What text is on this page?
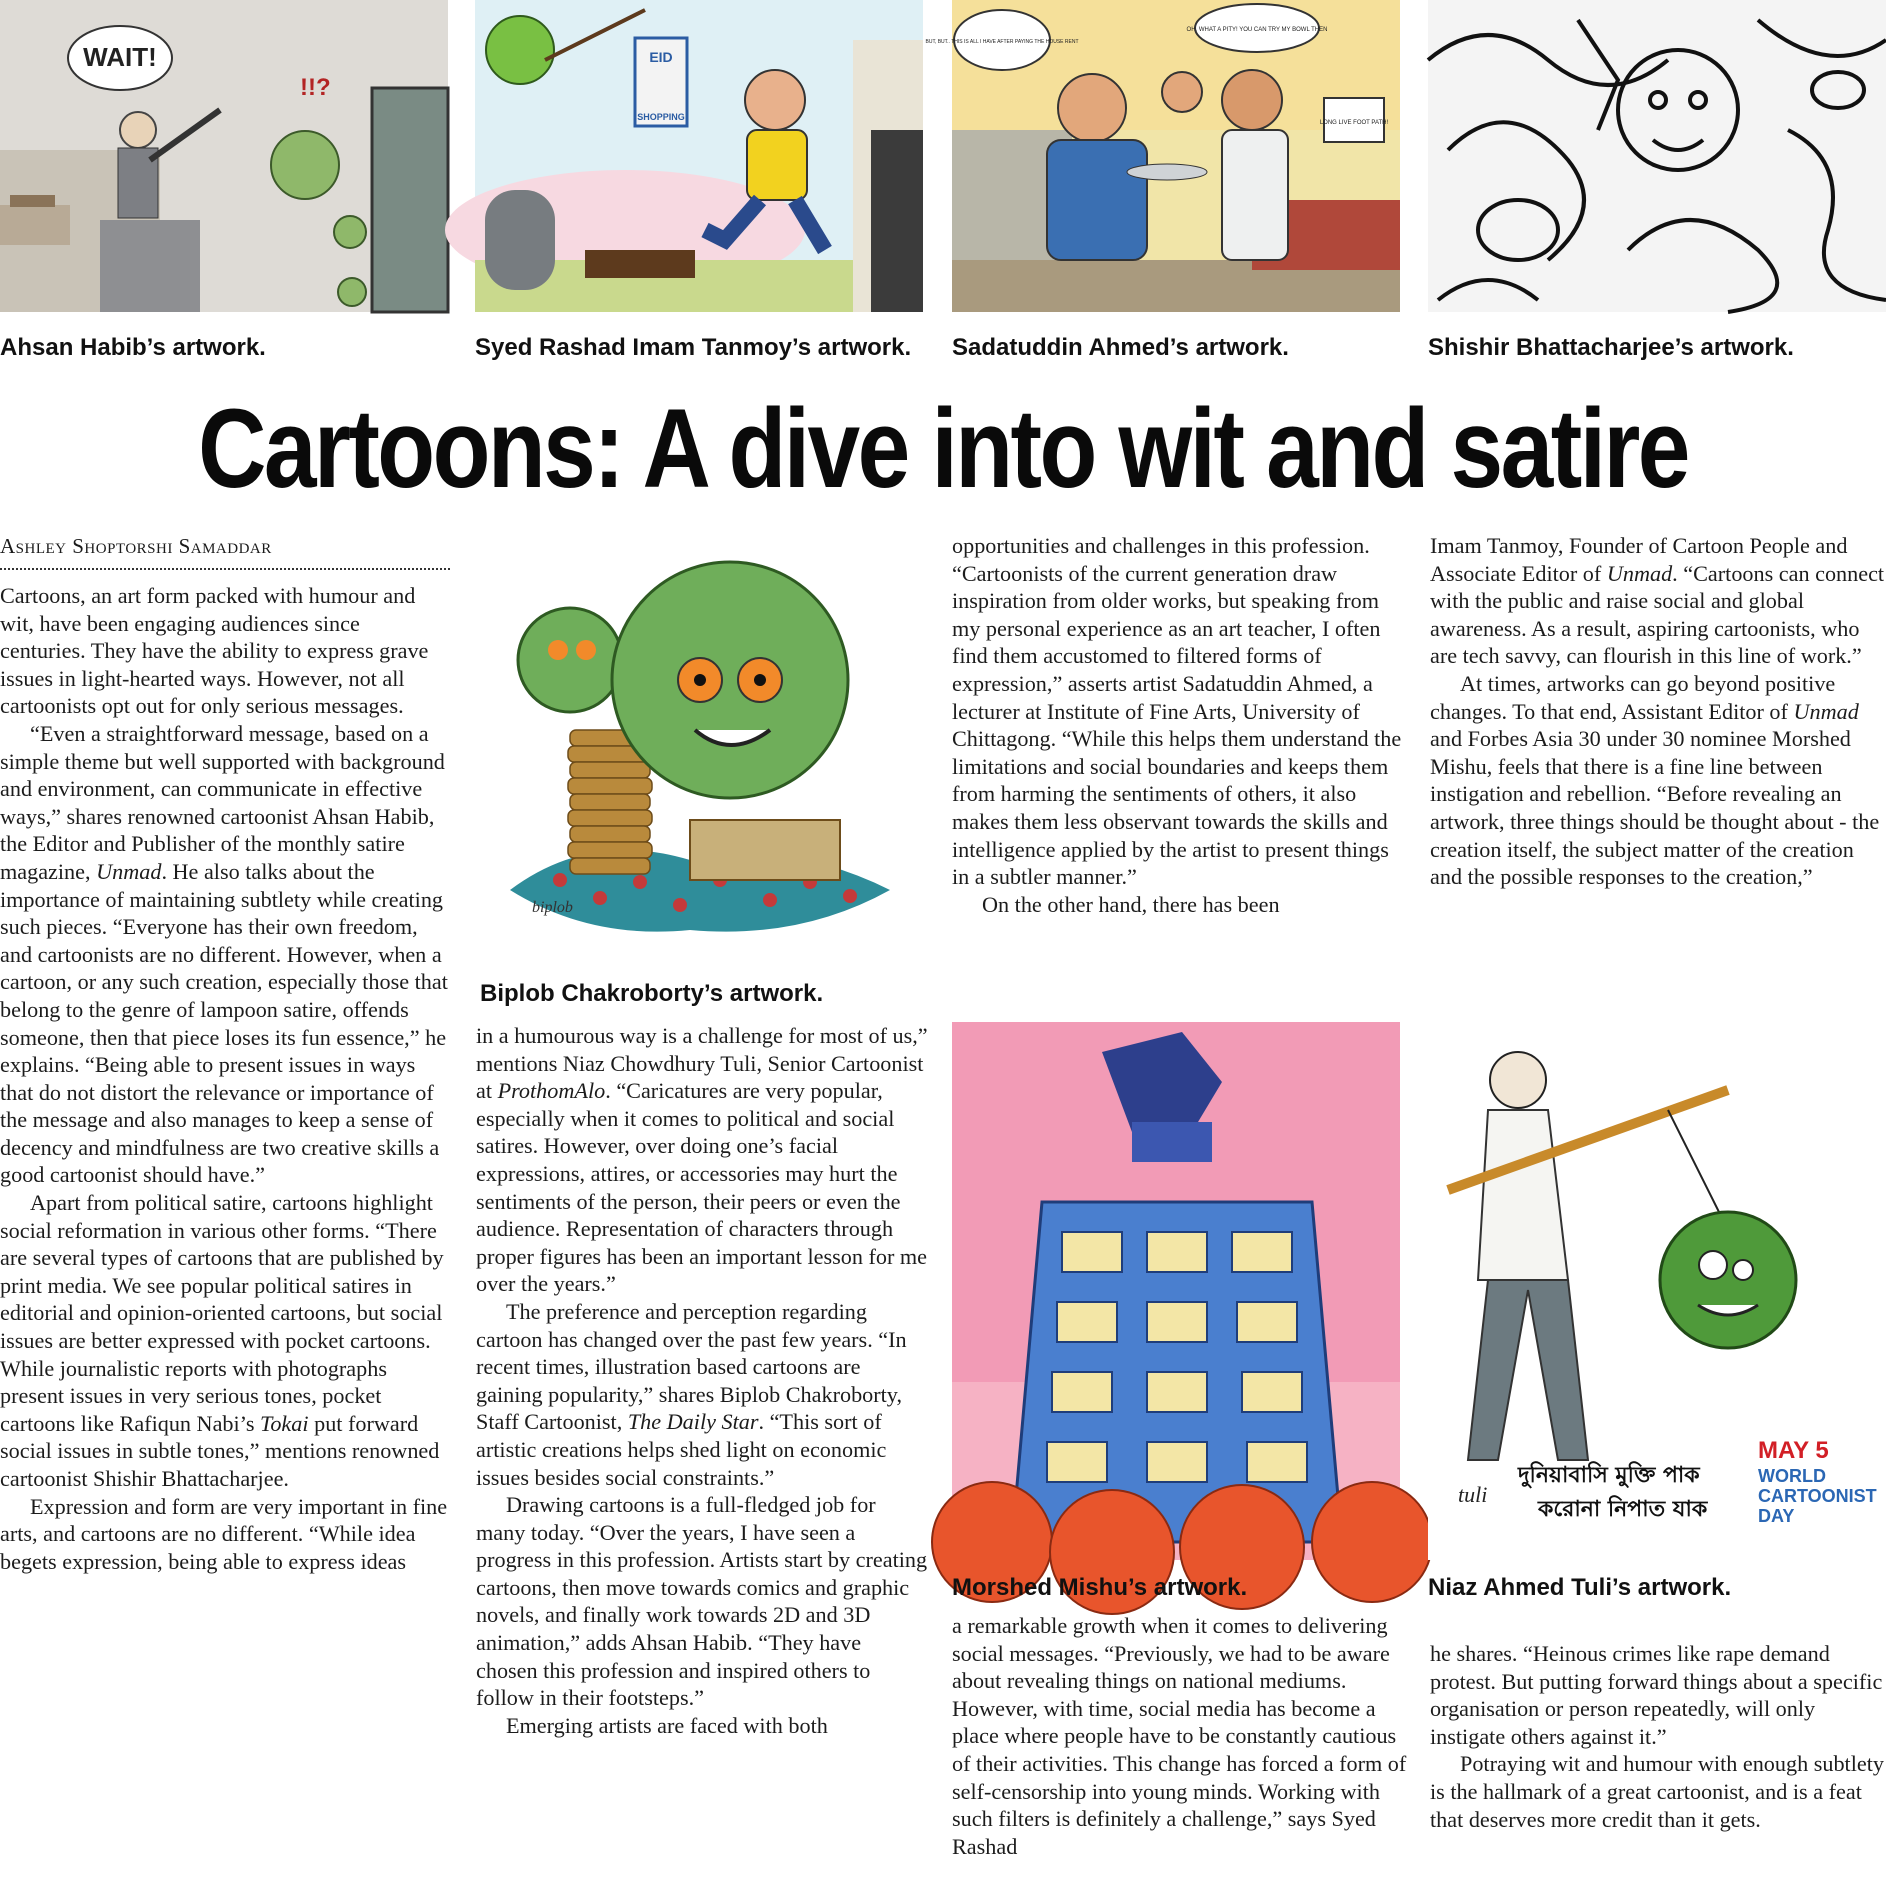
WAIT!
!!?
EID
SHOPPING
BUT, BUT.. THIS IS ALL I HAVE AFTER PAYING THE HOUSE RENT
OH, WHAT A PITY! YOU CAN TRY MY BOWL THEN
LONG LIVE FOOT PATH!
Ahsan Habib’s artwork.	Syed Rashad Imam Tanmoy’s artwork. Sadatuddin Ahmed’s artwork.	Shishir Bhattacharjee’s artwork.
Cartoons: A dive into wit and satire
Ashley Shoptorshi Samaddar

Cartoons, an art form packed with humour and wit, have been engaging audiences since centuries. They have the ability to express grave issues in light-hearted ways. However, not all cartoonists opt out for only serious messages.

“Even a straightforward message, based on a simple theme but well supported with background and environment, can communicate in effective ways,” shares renowned cartoonist Ahsan Habib, the Editor and Publisher of the monthly satire magazine, Unmad. He also talks about the importance of maintaining subtlety while creating such pieces. “Everyone has their own freedom, and cartoonists are no different. However, when a cartoon, or any such creation, especially those that belong to the genre of lampoon satire, offends someone, then that piece loses its fun essence,” he explains. “Being able to present issues in ways that do not distort the relevance or importance of the message and also manages to keep a sense of decency and mindfulness are two creative skills a good cartoonist should have.”

Apart from political satire, cartoons highlight social reformation in various other forms. “There are several types of cartoons that are published by print media. We see popular political satires in editorial and opinion-oriented cartoons, but social issues are better expressed with pocket cartoons. While journalistic reports with photographs present issues in very serious tones, pocket cartoons like Rafiqun Nabi’s Tokai put forward social issues in subtle tones,” mentions renowned cartoonist Shishir Bhattacharjee.

Expression and form are very important in fine arts, and cartoons are no different. “While idea begets expression, being able to express ideas

biplob
Biplob Chakroborty’s artwork.

in a humourous way is a challenge for most of us,” mentions Niaz Chowdhury Tuli, Senior Cartoonist at ProthomAlo. “Caricatures are very popular, especially when it comes to political and social satires. However, over doing one’s facial expressions, attires, or accessories may hurt the sentiments of the person, their peers or even the audience. Representation of characters through proper figures has been an important lesson for me over the years.”

The preference and perception regarding cartoon has changed over the past few years. “In recent times, illustration based cartoons are gaining popularity,” shares Biplob Chakroborty, Staff Cartoonist, The Daily Star. “This sort of artistic creations helps shed light on economic issues besides social constraints.”

Drawing cartoons is a full-fledged job for many today. “Over the years, I have seen a progress in this profession. Artists start by creating cartoons, then move towards comics and graphic novels, and finally work towards 2D and 3D animation,” adds Ahsan Habib. “They have chosen this profession and inspired others to follow in their footsteps.”

Emerging artists are faced with both

opportunities and challenges in this profession. “Cartoonists of the current generation draw inspiration from older works, but speaking from my personal experience as an art teacher, I often find them accustomed to filtered forms of expression,” asserts artist Sadatuddin Ahmed, a lecturer at Institute of Fine Arts, University of Chittagong. “While this helps them understand the limitations and social boundaries and keeps them from harming the sentiments of others, it also makes them less observant towards the skills and intelligence applied by the artist to present things in a subtler manner.”

On the other hand, there has been

Morshed Mishu’s artwork.

a remarkable growth when it comes to delivering social messages. “Previously, we had to be aware about revealing things on national mediums. However, with time, social media has become a place where people have to be constantly cautious of their activities. This change has forced a form of self-censorship into young minds. Working with such filters is definitely a challenge,” says Syed Rashad

Imam Tanmoy, Founder of Cartoon People and Associate Editor of Unmad. “Cartoons can connect with the public and raise social and global awareness. As a result, aspiring cartoonists, who are tech savvy, can flourish in this line of work.”

At times, artworks can go beyond positive changes. To that end, Assistant Editor of Unmad and Forbes Asia 30 under 30 nominee Morshed Mishu, feels that there is a fine line between instigation and rebellion. “Before revealing an artwork, three things should be thought about - the creation itself, the subject matter of the creation and the possible responses to the creation,”

MAY 5
WORLD
CARTOONIST
DAY
দুনিয়াবাসি মুক্তি পাক
করোনা নিপাত যাক
tuli
Niaz Ahmed Tuli’s artwork.

he shares. “Heinous crimes like rape demand protest. But putting forward things about a specific organisation or person repeatedly, will only instigate others against it.”

Potraying wit and humour with enough subtlety is the hallmark of a great cartoonist, and is a feat that deserves more credit than it gets.
